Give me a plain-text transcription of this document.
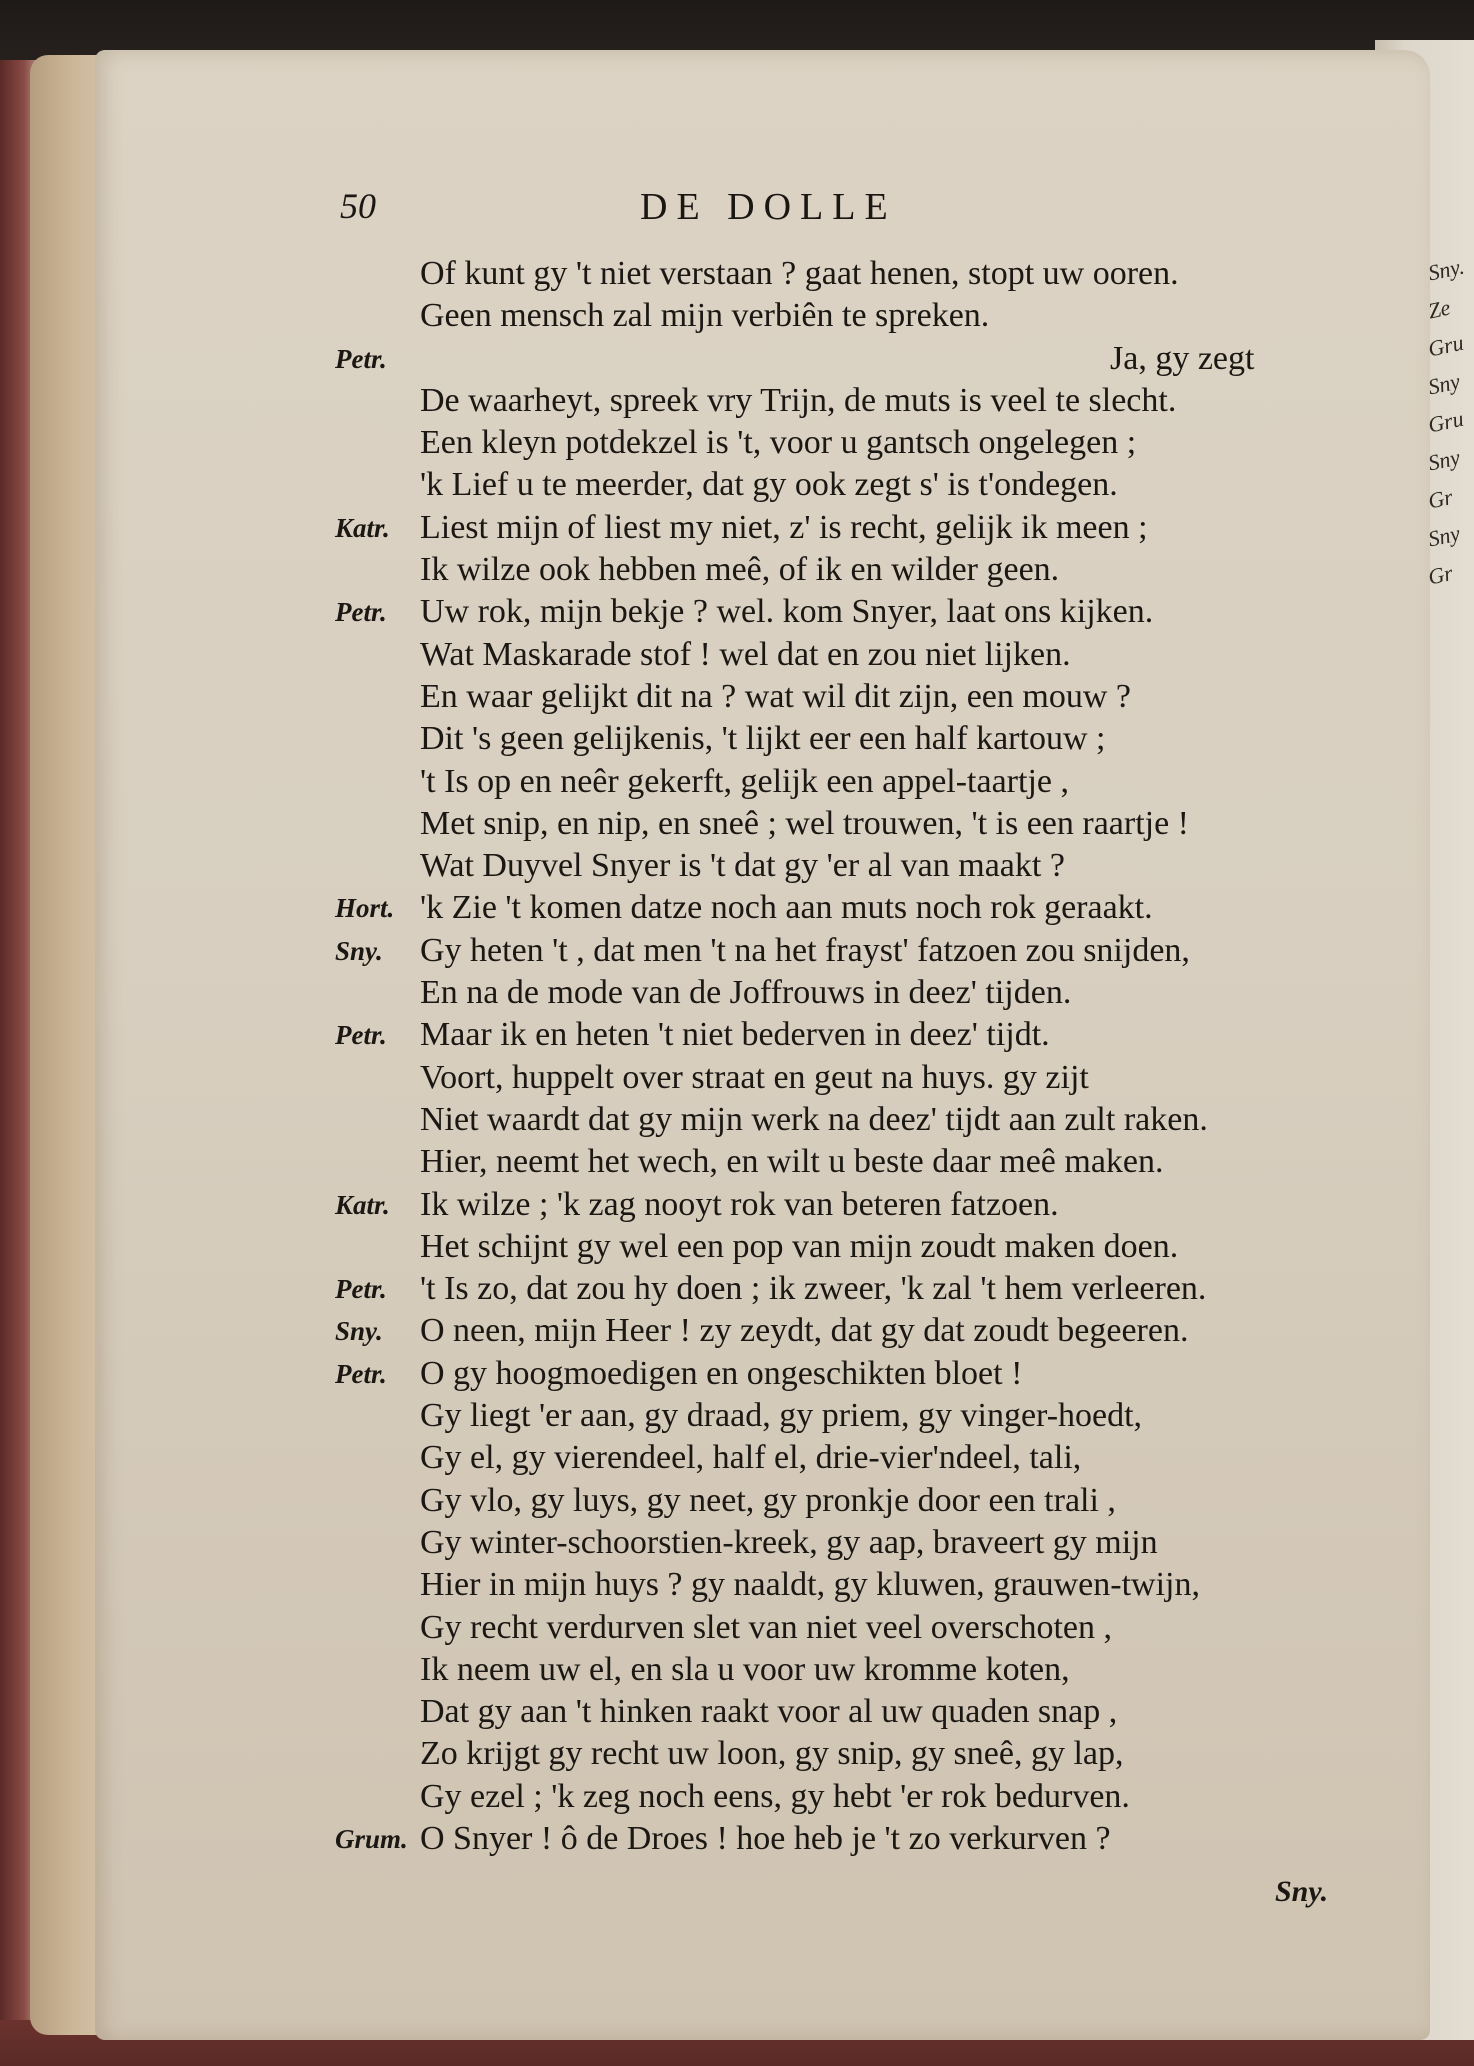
50	DE DOLLE
Of kunt gy 't niet verstaan ? gaat henen, stopt uw ooren.
Geen mensch zal mijn verbiên te spreken.
Petr.	Ja, gy zegt
De waarheyt, spreek vry Trijn, de muts is veel te slecht.
Een kleyn potdekzel is 't, voor u gantsch ongelegen ;
'k Lief u te meerder, dat gy ook zegt s' is t'ondegen.
Katr. Liest mijn of liest my niet, z' is recht, gelijk ik meen ;
Ik wilze ook hebben meê, of ik en wilder geen.
Petr. Uw rok, mijn bekje ? wel. kom Snyer, laat ons kijken.
Wat Maskarade stof ! wel dat en zou niet lijken.
En waar gelijkt dit na ? wat wil dit zijn, een mouw ?
Dit 's geen gelijkenis, 't lijkt eer een half kartouw ;
't Is op en neêr gekerft, gelijk een appel-taartje ,
Met snip, en nip, en sneê ; wel trouwen, 't is een raartje !
Wat Duyvel Snyer is 't dat gy 'er al van maakt ?
Hort. 'k Zie 't komen datze noch aan muts noch rok geraakt.
Sny. Gy heten 't , dat men 't na het frayst' fatzoen zou snijden,
En na de mode van de Joffrouws in deez' tijden.
Petr. Maar ik en heten 't niet bederven in deez' tijdt.
Voort, huppelt over straat en geut na huys. gy zijt
Niet waardt dat gy mijn werk na deez' tijdt aan zult raken.
Hier, neemt het wech, en wilt u beste daar meê maken.
Katr. Ik wilze ; 'k zag nooyt rok van beteren fatzoen.
Het schijnt gy wel een pop van mijn zoudt maken doen.
Petr. 't Is zo, dat zou hy doen ; ik zweer, 'k zal 't hem verleeren.
Sny. O neen, mijn Heer ! zy zeydt, dat gy dat zoudt begeeren.
Petr. O gy hoogmoedigen en ongeschikten bloet !
Gy liegt 'er aan, gy draad, gy priem, gy vinger-hoedt,
Gy el, gy vierendeel, half el, drie-vier'ndeel, tali,
Gy vlo, gy luys, gy neet, gy pronkje door een trali ,
Gy winter-schoorstien-kreek, gy aap, braveert gy mijn
Hier in mijn huys ? gy naaldt, gy kluwen, grauwen-twijn,
Gy recht verdurven slet van niet veel overschoten ,
Ik neem uw el, en sla u voor uw kromme koten,
Dat gy aan 't hinken raakt voor al uw quaden snap ,
Zo krijgt gy recht uw loon, gy snip, gy sneê, gy lap,
Gy ezel ; 'k zeg noch eens, gy hebt 'er rok bedurven.
Grum. O Snyer ! ô de Droes ! hoe heb je 't zo verkurven ?
Sny.
Sny.
Ze
Gru
Sny
Gru
Sny
Gr
Sny
Gr
